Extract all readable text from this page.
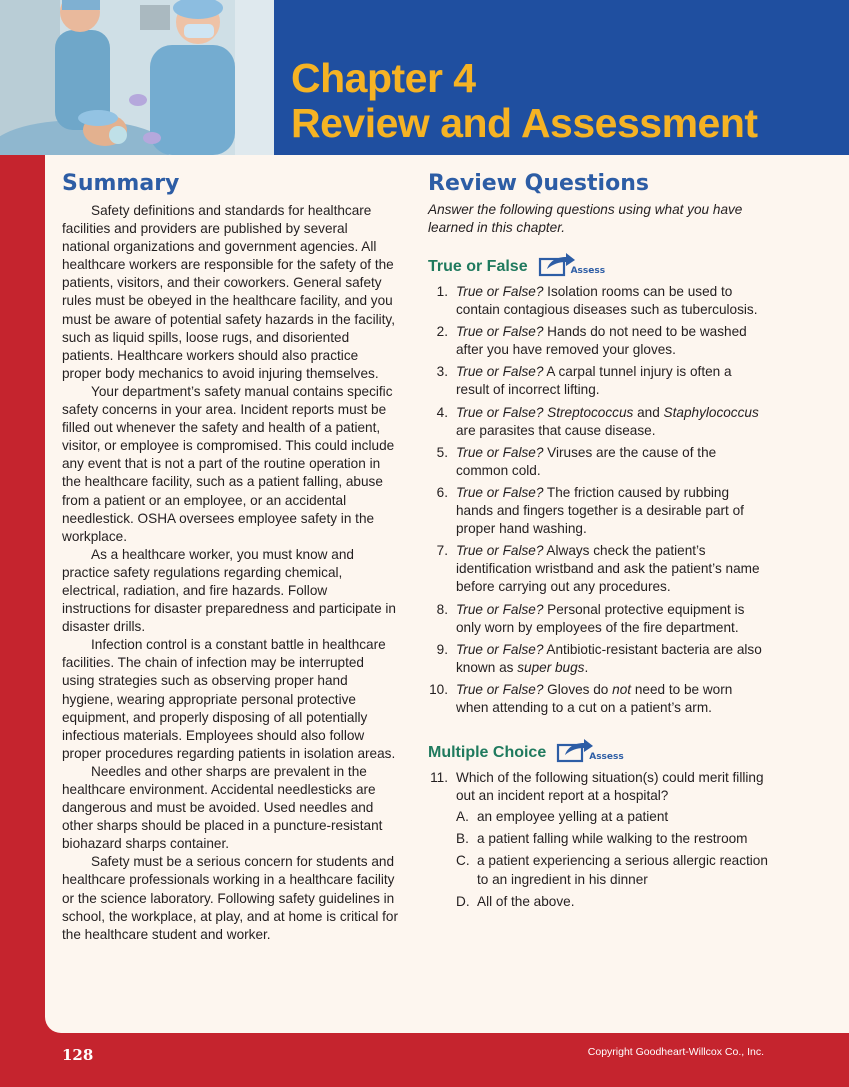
Chapter 4
Review and Assessment
Summary

Safety definitions and standards for healthcare facilities and providers are published by several national organizations and government agencies. All healthcare workers are responsible for the safety of the patients, visitors, and their coworkers. General safety rules must be obeyed in the healthcare facility, and you must be aware of potential safety hazards in the facility, such as liquid spills, loose rugs, and disoriented patients. Healthcare workers should also practice proper body mechanics to avoid injuring themselves.

Your department’s safety manual contains specific safety concerns in your area. Incident reports must be filled out whenever the safety and health of a patient, visitor, or employee is compromised. This could include any event that is not a part of the routine operation in the healthcare facility, such as a patient falling, abuse from a patient or an employee, or an accidental needlestick. OSHA oversees employee safety in the workplace.

As a healthcare worker, you must know and practice safety regulations regarding chemical, electrical, radiation, and fire hazards. Follow instructions for disaster preparedness and participate in disaster drills.

Infection control is a constant battle in healthcare facilities. The chain of infection may be interrupted using strategies such as observing proper hand hygiene, wearing appropriate personal protective equipment, and properly disposing of all potentially infectious materials. Employees should also follow proper procedures regarding patients in isolation areas.

Needles and other sharps are prevalent in the healthcare environment. Accidental needlesticks are dangerous and must be avoided. Used needles and other sharps should be placed in a puncture-resistant biohazard sharps container.

Safety must be a serious concern for students and healthcare professionals working in a healthcare facility or the science laboratory. Following safety guidelines in school, the workplace, at play, and at home is critical for the healthcare student and worker.

Review Questions

Answer the following questions using what you have learned in this chapter.

True or False	Assess
1. True or False? Isolation rooms can be used to contain contagious diseases such as tuberculosis.
2. True or False? Hands do not need to be washed after you have removed your gloves.
3. True or False? A carpal tunnel injury is often a result of incorrect lifting.
4. True or False? Streptococcus and Staphylococcus are parasites that cause disease.
5. True or False? Viruses are the cause of the common cold.
6. True or False? The friction caused by rubbing hands and fingers together is a desirable part of proper hand washing.
7. True or False? Always check the patient’s identification wristband and ask the patient’s name before carrying out any procedures.
8. True or False? Personal protective equipment is only worn by employees of the fire department.
9. True or False? Antibiotic-resistant bacteria are also known as super bugs.
10. True or False? Gloves do not need to be worn when attending to a cut on a patient’s arm.
Multiple Choice	Assess
11. Which of the following situation(s) could merit filling out an incident report at a hospital?
A. an employee yelling at a patient
B. a patient falling while walking to the restroom
C. a patient experiencing a serious allergic reaction to an ingredient in his dinner
D. All of the above.
128	Copyright Goodheart-Willcox Co., Inc.
